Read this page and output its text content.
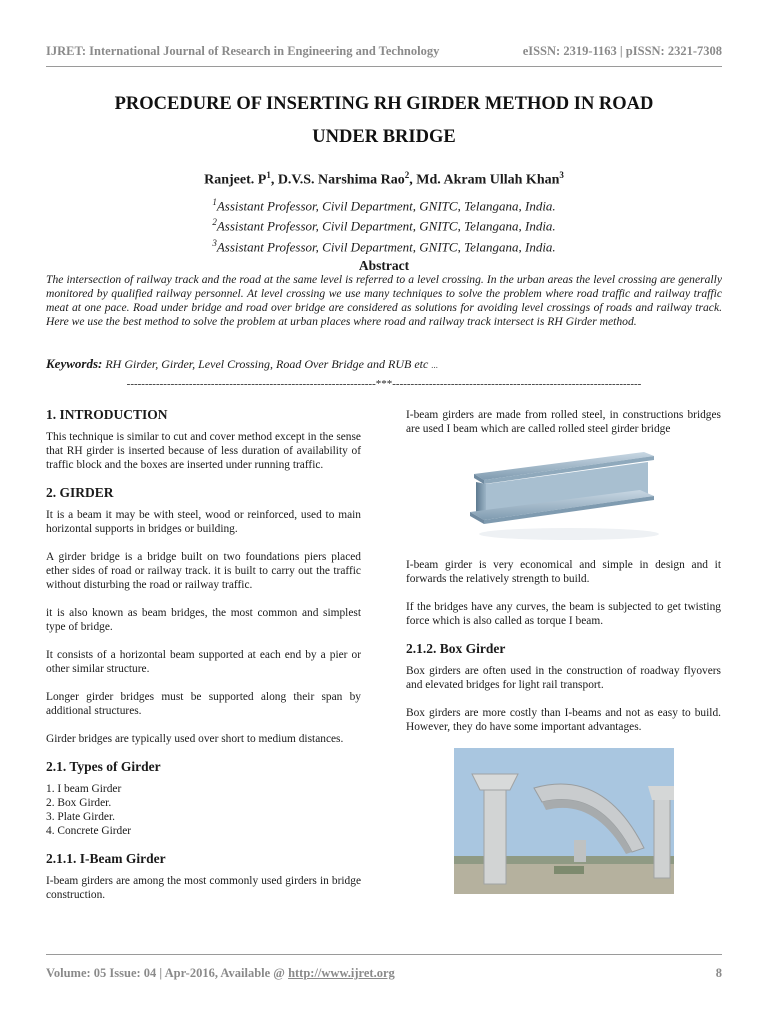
IJRET: International Journal of Research in Engineering and Technology	eISSN: 2319-1163 | pISSN: 2321-7308
PROCEDURE OF INSERTING RH GIRDER METHOD IN ROAD
UNDER BRIDGE
Ranjeet. $P^1$, D.V.S. Narshima Rao$^2$, Md. Akram Ullah Khan$^3$
$^1$Assistant Professor, Civil Department, GNITC, Telangana, India.
$^2$Assistant Professor, Civil Department, GNITC, Telangana, India.
$^3$Assistant Professor, Civil Department, GNITC, Telangana, India.
Abstract
The intersection of railway track and the road at the same level is referred to a level crossing. In the urban areas the level crossing are generally monitored by qualified railway personnel. At level crossing we use many techniques to solve the problem where road traffic and railway traffic meat at one pace. Road under bridge and road over bridge are considered as solutions for avoiding level crossings of roads and railway track. Here we use the best method to solve the problem at urban places where road and railway track intersect is RH Girder method.
Keywords: RH Girder, Girder, Level Crossing, Road Over Bridge and RUB etc ...
--------------------------------------------------------------------***--------------------------------------------------------------------
1. INTRODUCTION

This technique is similar to cut and cover method except in the sense that RH girder is inserted because of less duration of availability of traffic block and the boxes are inserted under running traffic.

2. GIRDER

It is a beam it may be with steel, wood or reinforced, used to main horizontal supports in bridges or building.

A girder bridge is a bridge built on two foundations piers placed ether sides of road or railway track. it is built to carry out the traffic without disturbing the road or railway traffic.

it is also known as beam bridges, the most common and simplest type of bridge.

It consists of a horizontal beam supported at each end by a pier or other similar structure.

Longer girder bridges must be supported along their span by additional structures.

Girder bridges are typically used over short to medium distances.

2.1. Types of Girder
1. I beam Girder
2. Box Girder.
3. Plate Girder.
4. Concrete Girder
2.1.1. I-Beam Girder

I-beam girders are among the most commonly used girders in bridge construction.

I-beam girders are made from rolled steel, in constructions bridges are used I beam which are called rolled steel girder bridge

I-beam girder is very economical and simple in design and it forwards the relatively strength to build.

If the bridges have any curves, the beam is subjected to get twisting force which is also called as torque I beam.

2.1.2. Box Girder

Box girders are often used in the construction of roadway flyovers and elevated bridges for light rail transport.

Box girders are more costly than I-beams and not as easy to build. However, they do have some important advantages.

Volume: 05 Issue: 04 | Apr-2016, Available @ http://www.ijret.org	8
